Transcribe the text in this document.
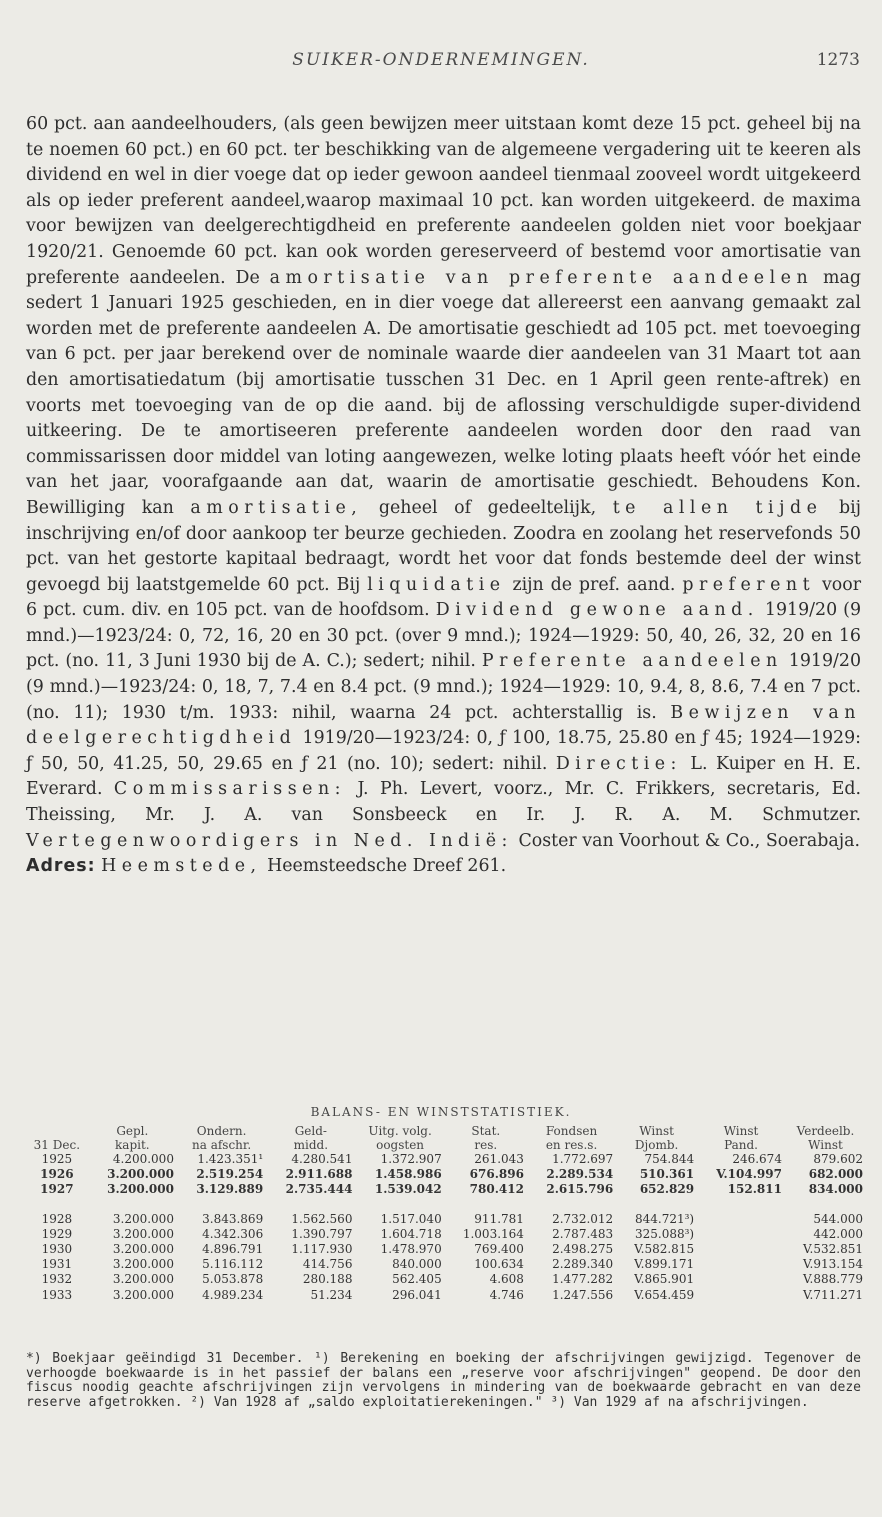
SUIKER-ONDERNEMINGEN.	1273

60 pct. aan aandeelhouders, (als geen bewijzen meer uitstaan komt deze 15 pct. geheel bij na te noemen 60 pct.) en 60 pct. ter beschikking van de algemeene vergadering uit te keeren als dividend en wel in dier voege dat op ieder gewoon aandeel tienmaal zooveel wordt uitgekeerd als op ieder preferent aandeel,waarop maximaal 10 pct. kan worden uitgekeerd. de maxima voor bewijzen van deelgerechtigdheid en preferente aandeelen golden niet voor boekjaar 1920/21. Genoemde 60 pct. kan ook worden gereserveerd of bestemd voor amortisatie van preferente aandeelen. De amortisatie van preferente aandeelen mag sedert 1 Januari 1925 geschieden, en in dier voege dat allereerst een aanvang gemaakt zal worden met de preferente aandeelen A. De amortisatie geschiedt ad 105 pct. met toevoeging van 6 pct. per jaar berekend over de nominale waarde dier aandeelen van 31 Maart tot aan den amortisatiedatum (bij amortisatie tusschen 31 Dec. en 1 April geen rente-aftrek) en voorts met toevoeging van de op die aand. bij de aflossing verschuldigde super-dividend uitkeering. De te amortiseeren preferente aandeelen worden door den raad van commissarissen door middel van loting aangewezen, welke loting plaats heeft vóór het einde van het jaar, voorafgaande aan dat, waarin de amortisatie geschiedt. Behoudens Kon. Bewilliging kan amortisatie, geheel of gedeeltelijk, te allen tijde bij inschrijving en/of door aankoop ter beurze gechieden. Zoodra en zoolang het reservefonds 50 pct. van het gestorte kapitaal bedraagt, wordt het voor dat fonds bestemde deel der winst gevoegd bij laatstgemelde 60 pct. Bij liquidatie zijn de pref. aand. preferent voor 6 pct. cum. div. en 105 pct. van de hoofdsom. Dividend gewone aand. 1919/20 (9 mnd.)—1923/24: 0, 72, 16, 20 en 30 pct. (over 9 mnd.); 1924—1929: 50, 40, 26, 32, 20 en 16 pct. (no. 11, 3 Juni 1930 bij de A. C.); sedert; nihil. Preferente aandeelen 1919/20 (9 mnd.)—1923/24: 0, 18, 7, 7.4 en 8.4 pct. (9 mnd.); 1924—1929: 10, 9.4, 8, 8.6, 7.4 en 7 pct. (no. 11); 1930 t/m. 1933: nihil, waarna 24 pct. achterstallig is. Bewijzen van deelgerechtigdheid 1919/20—1923/24: 0, ƒ 100, 18.75, 25.80 en ƒ 45; 1924—1929: ƒ 50, 50, 41.25, 50, 29.65 en ƒ 21 (no. 10); sedert: nihil. Directie: L. Kuiper en H. E. Everard. Commissarissen: J. Ph. Levert, voorz., Mr. C. Frikkers, secretaris, Ed. Theissing, Mr. J. A. van Sonsbeeck en Ir. J. R. A. M. Schmutzer. Vertegenwoordigers in Ned. Indië: Coster van Voorhout & Co., Soerabaja.
Adres: Heemstede, Heemsteedsche Dreef 261.

BALANS- EN WINSTSTATISTIEK.
	Gepl.	Ondern.	Geld-	Uitg. volg.	Stat.	Fondsen	Winst	Winst	Verdeelb.
31 Dec.	kapit.	na afschr.	midd.	oogsten	res.	en res.s.	Djomb.	Pand.	Winst
1925	4.200.000	1.423.351¹	4.280.541	1.372.907	261.043	1.772.697	754.844	246.674	879.602
1926	3.200.000	2.519.254	2.911.688	1.458.986	676.896	2.289.534	510.361	V.104.997	682.000
1927	3.200.000	3.129.889	2.735.444	1.539.042	780.412	2.615.796	652.829	152.811	834.000

1928	3.200.000	3.843.869	1.562.560	1.517.040	911.781	2.732.012	844.721³)		544.000
1929	3.200.000	4.342.306	1.390.797	1.604.718	1.003.164	2.787.483	325.088³)		442.000
1930	3.200.000	4.896.791	1.117.930	1.478.970	769.400	2.498.275	V.582.815		V.532.851
1931	3.200.000	5.116.112	414.756	840.000	100.634	2.289.340	V.899.171		V.913.154
1932	3.200.000	5.053.878	280.188	562.405	4.608	1.477.282	V.865.901		V.888.779
1933	3.200.000	4.989.234	51.234	296.041	4.746	1.247.556	V.654.459		V.711.271

*) Boekjaar geëindigd 31 December. ¹) Berekening en boeking der afschrijvingen gewijzigd. Tegenover de verhoogde boekwaarde is in het passief der balans een „reserve voor afschrijvingen" geopend. De door den fiscus noodig geachte afschrijvingen zijn vervolgens in mindering van de boekwaarde gebracht en van deze reserve afgetrokken. ²) Van 1928 af „saldo exploitatierekeningen." ³) Van 1929 af na afschrijvingen.
